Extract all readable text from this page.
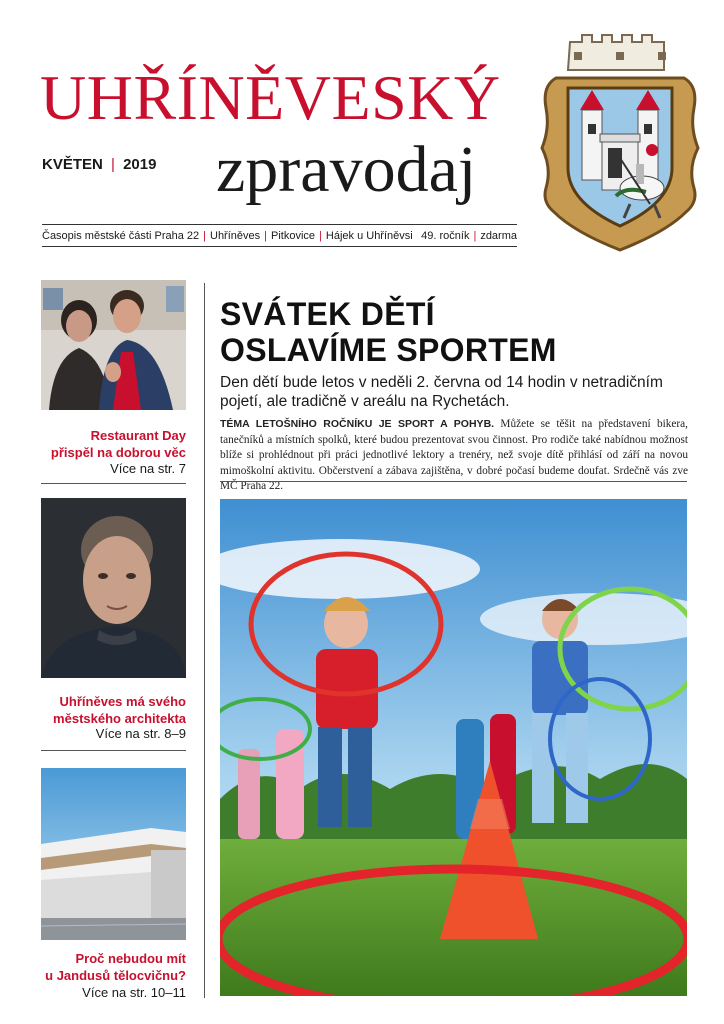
UHŘÍNĚVESKÝ
zpravodaj
KVĚTEN | 2019
Časopis městské části Praha 22 | Uhříněves | Pitkovice | Hájek u Uhříněvsi 49. ročník | zdarma
Restaurant Day
přispěl na dobrou věc
Více na str. 7
Uhříněves má svého
městského architekta
Více na str. 8–9
Proč nebudou mít
u Jandusů tělocvičnu?
Více na str. 10–11
SVÁTEK DĚTÍ
OSLAVÍME SPORTEM
Den dětí bude letos v neděli 2. června od 14 hodin v netradičním pojetí, ale tradičně v areálu na Rychetách.
TÉMA LETOŠNÍHO ROČNÍKU JE SPORT A POHYB. Můžete se těšit na představení bikera, tanečníků a místních spolků, které budou prezentovat svou činnost. Pro rodiče také nabídnou možnost blíže si prohlédnout při práci jednotlivé lektory a trenéry, než svoje dítě přihlásí od září na novou mimoškolní aktivitu. Občerstvení a zábava zajištěna, v dobré počasí budeme doufat. Srdečně vás zve MČ Praha 22.
